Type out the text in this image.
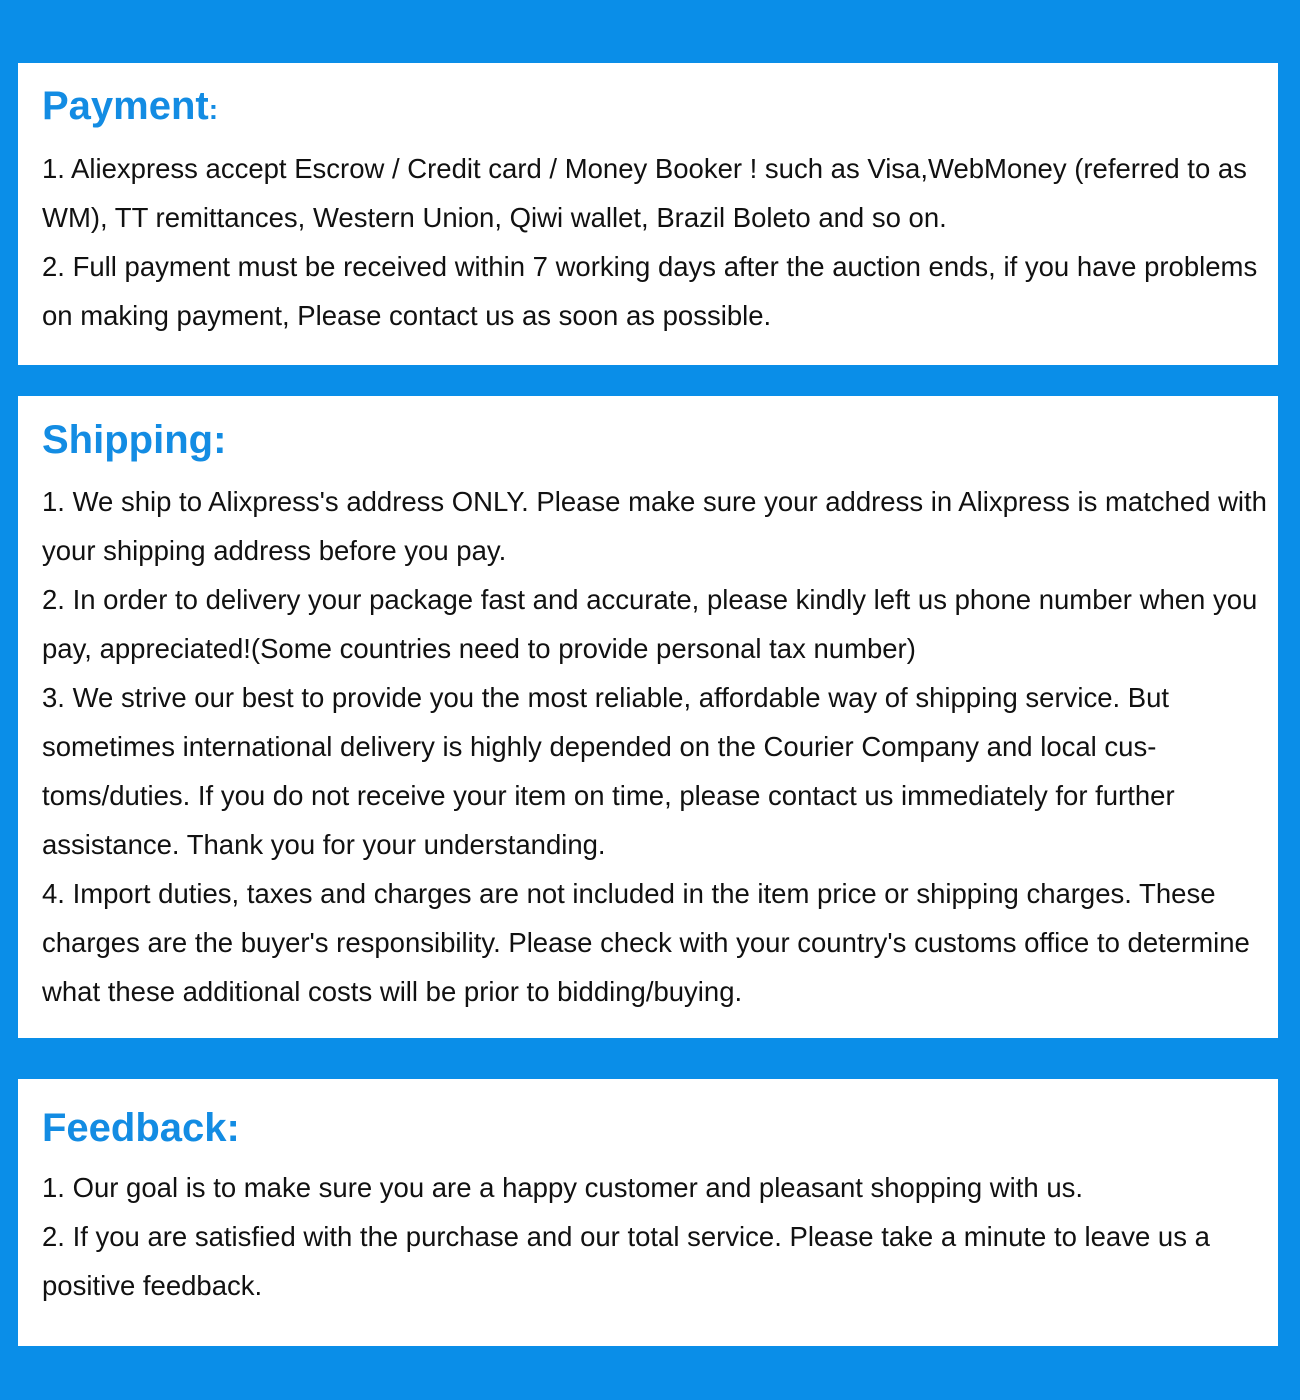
Payment:
1. Aliexpress accept Escrow / Credit card / Money Booker ! such as Visa,WebMoney (referred to as WM), TT remittances, Western Union, Qiwi wallet, Brazil Boleto and so on.
2. Full payment must be received within 7 working days after the auction ends, if you have problems on making payment, Please contact us as soon as possible.
Shipping:
1. We ship to Alixpress's address ONLY. Please make sure your address in Alixpress is matched with your shipping address before you pay.
2. In order to delivery your package fast and accurate, please kindly left us phone number when you pay, appreciated!(Some countries need to provide personal tax number)
3. We strive our best to provide you the most reliable, affordable way of shipping service. But sometimes international delivery is highly depended on the Courier Company and local cus-toms/duties. If you do not receive your item on time, please contact us immediately for further assistance. Thank you for your understanding.
4. Import duties, taxes and charges are not included in the item price or shipping charges. These charges are the buyer's responsibility. Please check with your country's customs office to determine what these additional costs will be prior to bidding/buying.
Feedback:
1. Our goal is to make sure you are a happy customer and pleasant shopping with us.
2. If you are satisfied with the purchase and our total service. Please take a minute to leave us a positive feedback.
